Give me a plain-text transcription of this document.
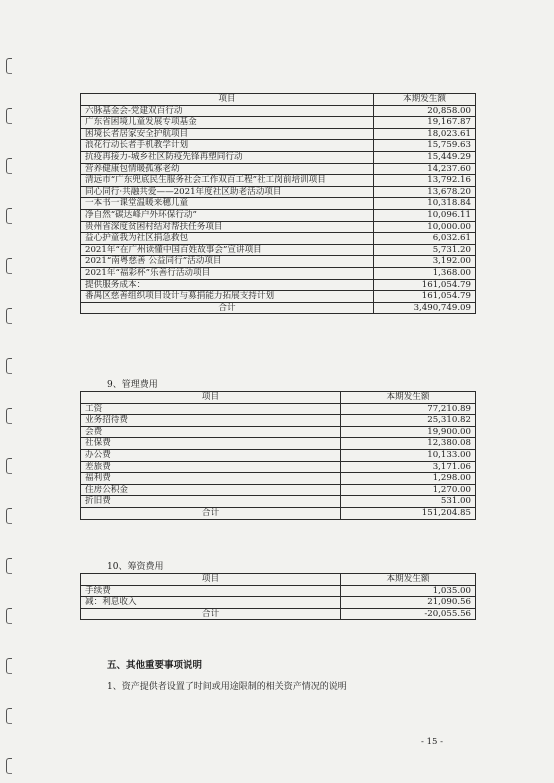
项目	本期发生额
六脉基金会-党建双百行动	20,858.00
广东省困境儿童发展专项基金	19,167.87
困境长者居家安全护航项目	18,023.61
浪花行动长者手机教学计划	15,759.63
抗疫再接力-城乡社区防疫先锋再塑同行动	15,449.29
营养健康包情暖孤寡老幼	14,237.60
清远市“广东兜底民生服务社会工作双百工程”社工岗前培训项目	13,792.16
同心同行·共融共爱——2021年度社区助老活动项目	13,678.20
一本书一课堂温暖来穗儿童	10,318.84
净自然“碳达峰户外环保行动”	10,096.11
贵州省深度贫困村结对帮扶任务项目	10,000.00
益心护童我为社区捐急救包	6,032.61
2021年“在广州读懂中国百姓故事会”宣讲项目	5,731.20
2021“南粤慈善 公益同行”活动项目	3,192.00
2021年“福彩杯”乐善行活动项目	1,368.00
提供服务成本：	161,054.79
番禺区慈善组织项目设计与募捐能力拓展支持计划	161,054.79
合计	3,490,749.09
9、管理费用
项目	本期发生额
工资	77,210.89
业务招待费	25,310.82
会费	19,900.00
社保费	12,380.08
办公费	10,133.00
差旅费	3,171.06
福利费	1,298.00
住房公积金	1,270.00
折旧费	531.00
合计	151,204.85
10、筹资费用
项目	本期发生额
手续费	1,035.00
减：利息收入	21,090.56
合计	-20,055.56
五、其他重要事项说明
1、资产提供者设置了时间或用途限制的相关资产情况的说明
- 15 -
